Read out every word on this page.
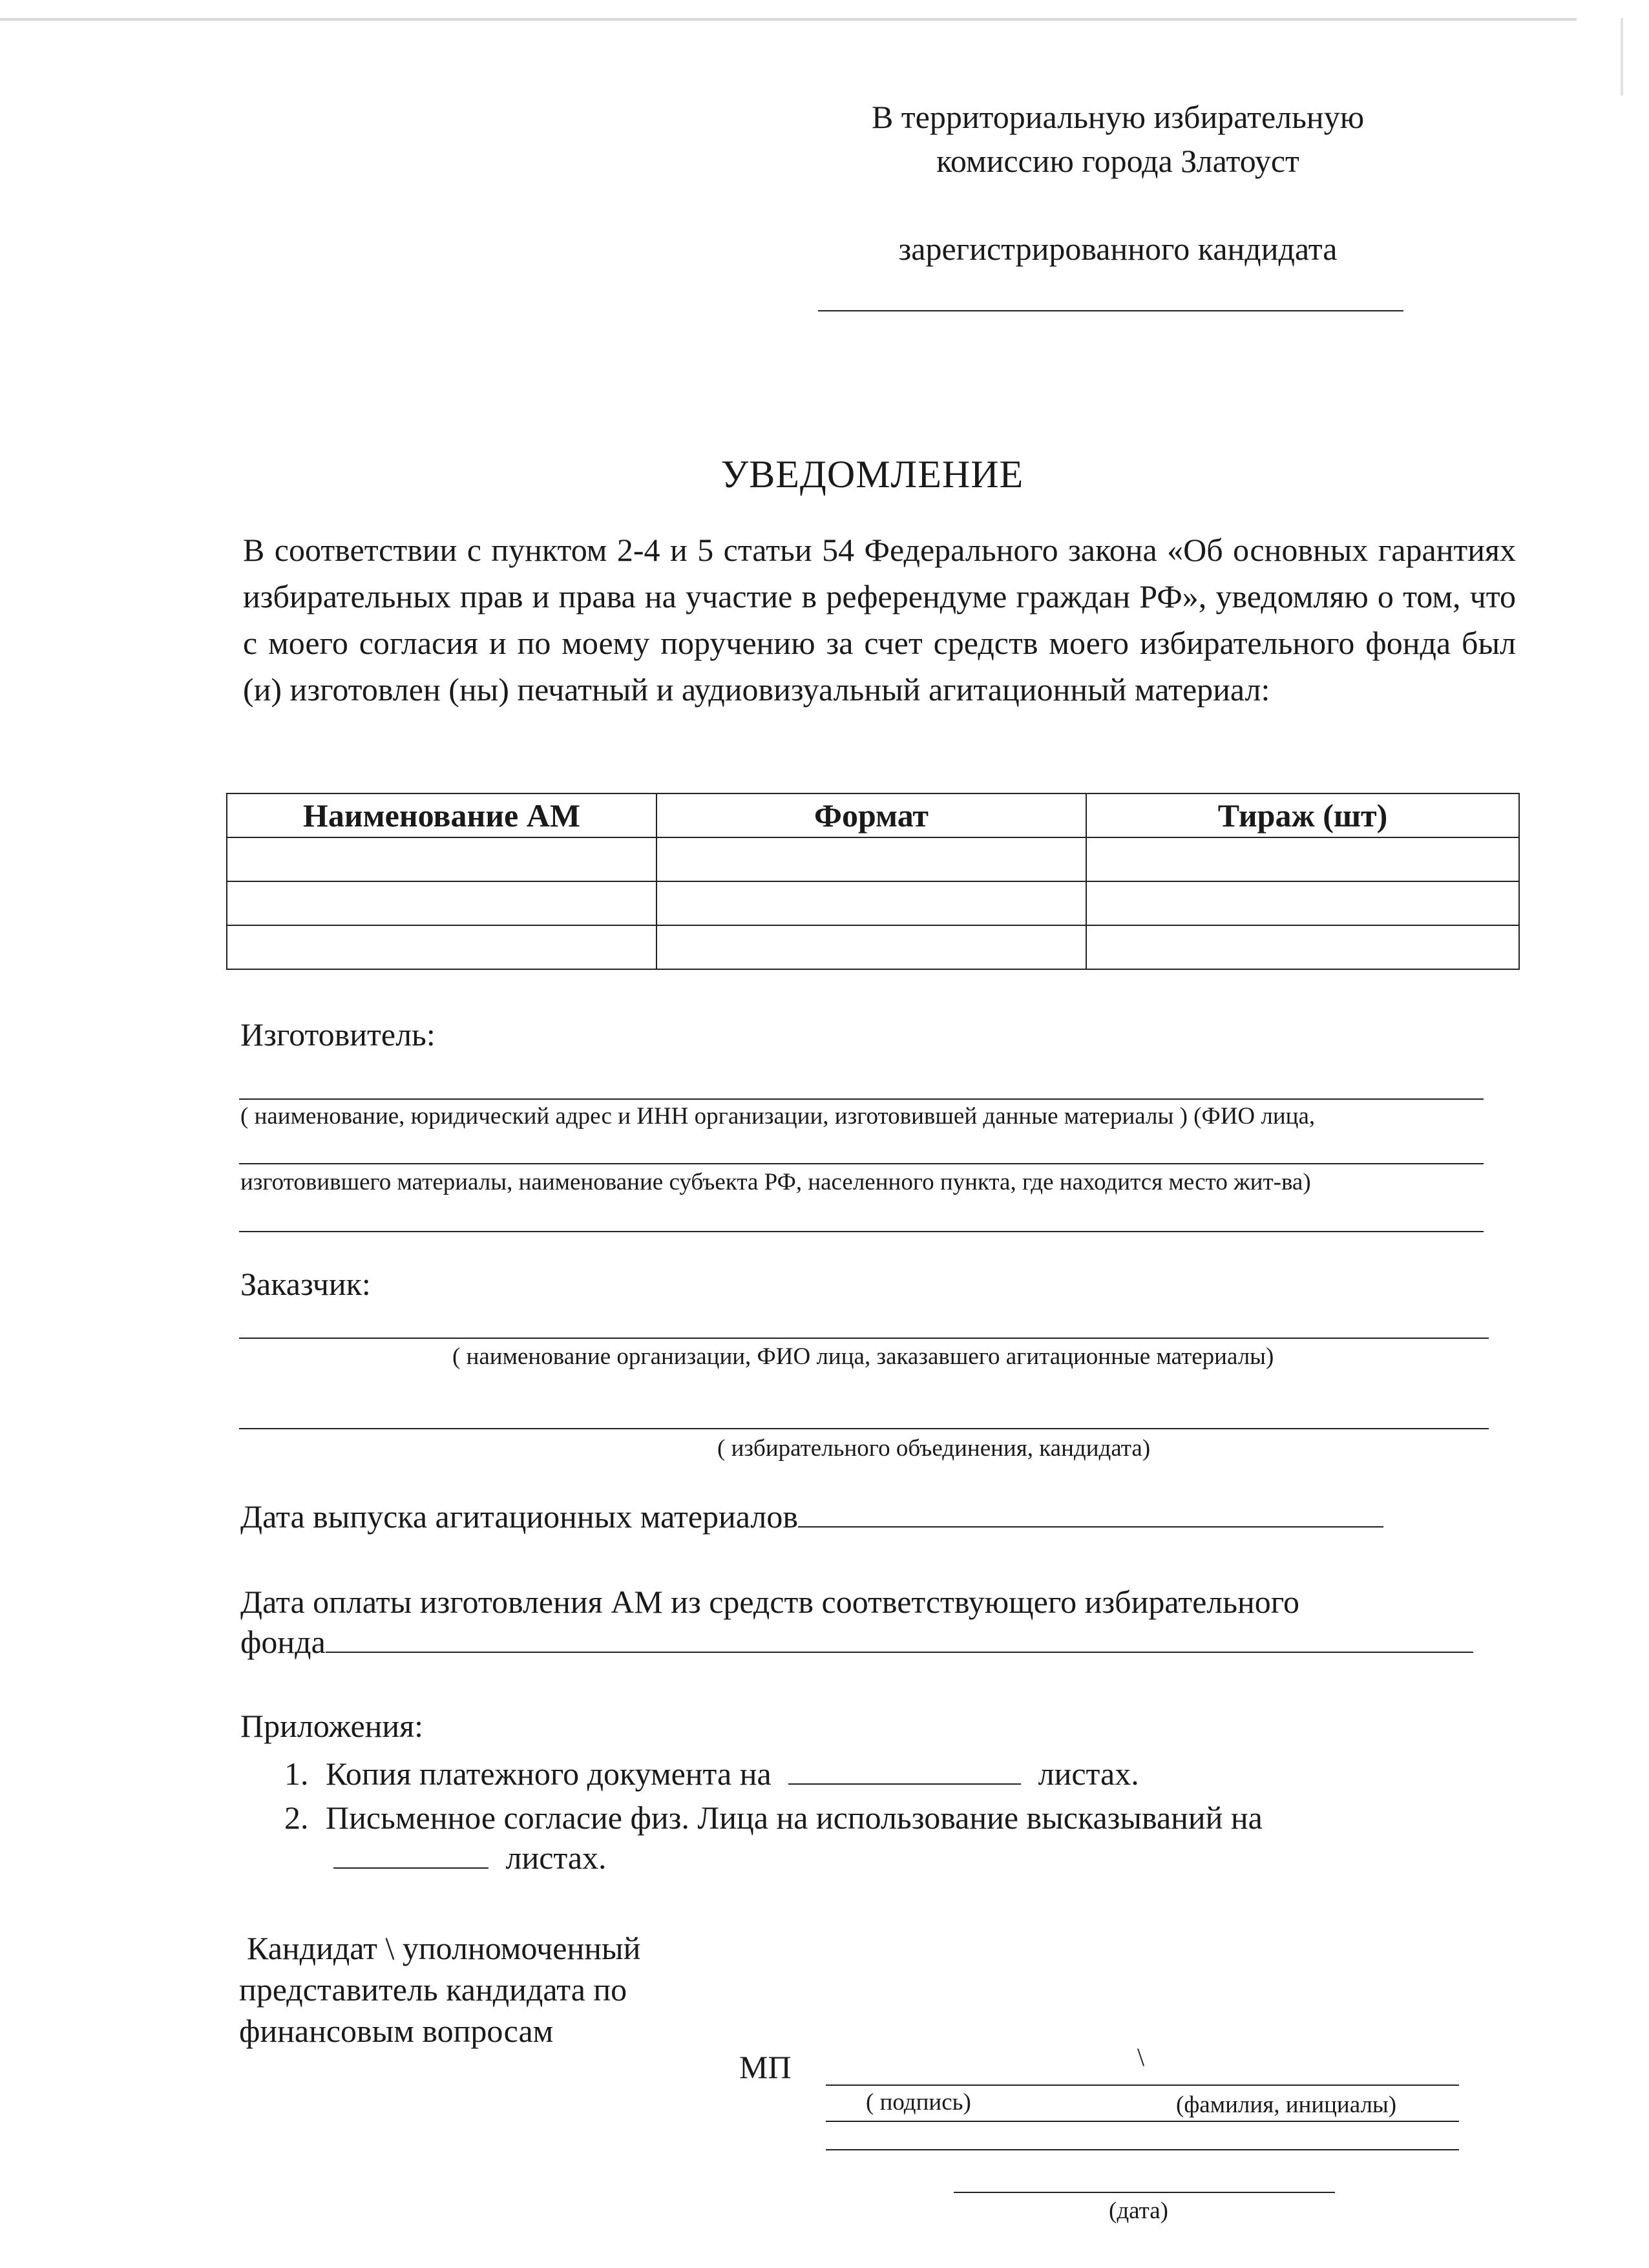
В территориальную избирательную
комиссию города Златоуст
зарегистрированного кандидата
УВЕДОМЛЕНИЕ
В соответствии с пунктом 2-4 и 5 статьи 54 Федерального закона «Об основных гарантиях избирательных прав и права на участие в референдуме граждан РФ», уведомляю о том, что с моего согласия и по моему поручению за счет средств моего избирательного фонда был (и) изготовлен (ны) печатный и аудиовизуальный агитационный материал:
Наименование АМ	Формат	Тираж (шт)

Изготовитель:
( наименование, юридический адрес и ИНН организации, изготовившей данные материалы ) (ФИО лица,
изготовившего материалы, наименование субъекта РФ, населенного пункта, где находится место жит-ва)
Заказчик:
( наименование организации, ФИО лица, заказавшего агитационные материалы)
( избирательного объединения, кандидата)
Дата выпуска агитационных материалов
Дата оплаты изготовления АМ из средств соответствующего избирательного
фонда
Приложения:
1. Копия платежного документа на	листах.
2. Письменное согласие физ. Лица на использование высказываний на
листах.
Кандидат \ уполномоченный
представитель кандидата по
финансовым вопросам
МП	\
( подпись)	(фамилия, инициалы)
(дата)
